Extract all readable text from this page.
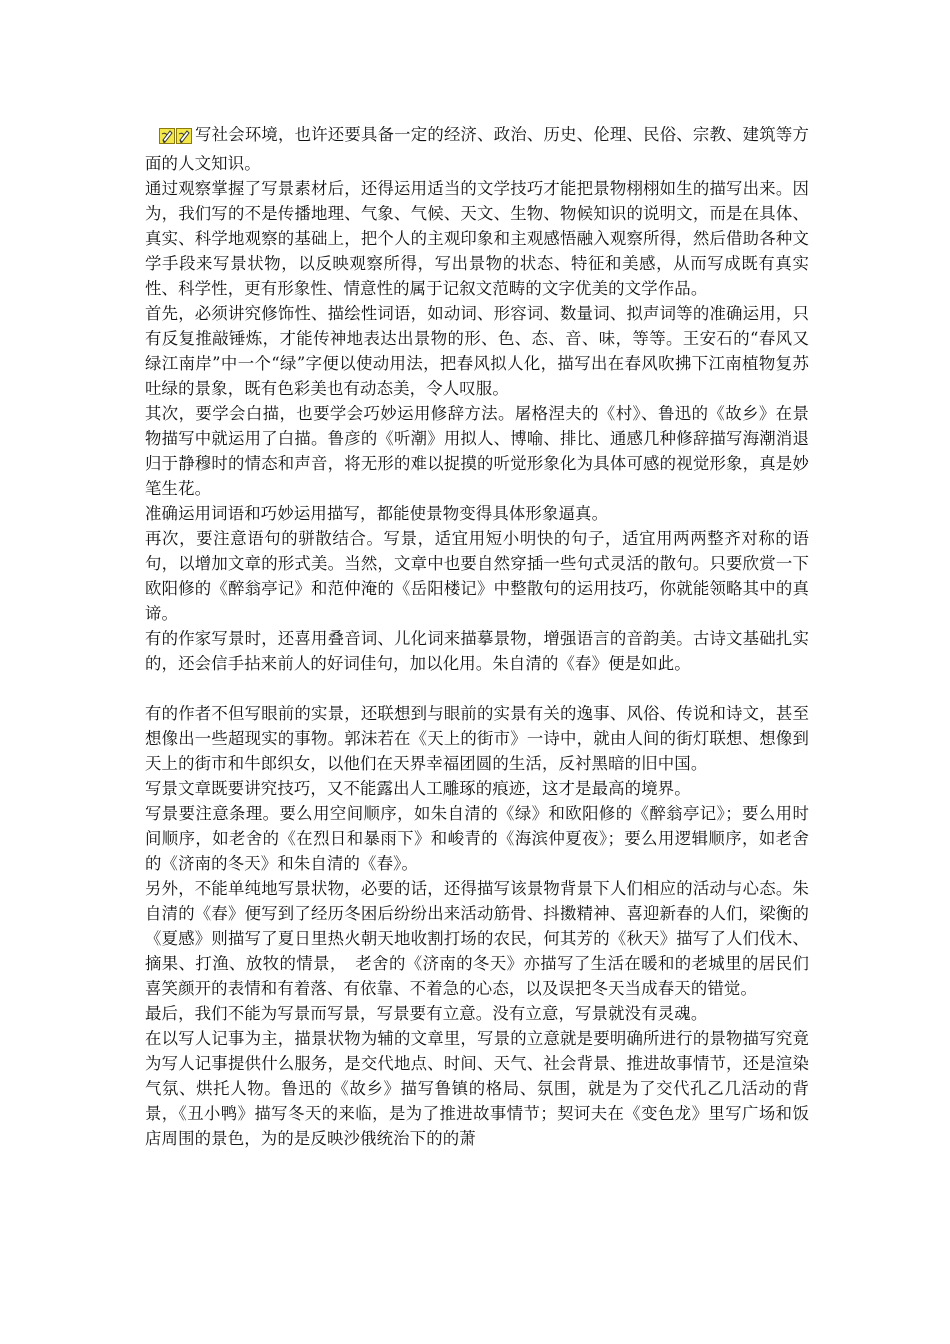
写社会环境，也许还要具备一定的经济、政治、历史、伦理、民俗、宗教、建筑等方面的人文知识。

通过观察掌握了写景素材后，还得运用适当的文学技巧才能把景物栩栩如生的描写出来。因为，我们写的不是传播地理、气象、气候、天文、生物、物候知识的说明文，而是在具体、真实、科学地观察的基础上，把个人的主观印象和主观感悟融入观察所得，然后借助各种文学手段来写景状物，以反映观察所得，写出景物的状态、特征和美感，从而写成既有真实性、科学性，更有形象性、情意性的属于记叙文范畴的文字优美的文学作品。

首先，必须讲究修饰性、描绘性词语，如动词、形容词、数量词、拟声词等的准确运用，只有反复推敲锤炼，才能传神地表达出景物的形、色、态、音、味，等等。王安石的“春风又绿江南岸”中一个“绿”字便以使动用法，把春风拟人化，描写出在春风吹拂下江南植物复苏吐绿的景象，既有色彩美也有动态美，令人叹服。

其次，要学会白描，也要学会巧妙运用修辞方法。屠格涅夫的《村》、鲁迅的《故乡》在景物描写中就运用了白描。鲁彦的《听潮》用拟人、博喻、排比、通感几种修辞描写海潮消退归于静穆时的情态和声音，将无形的难以捉摸的听觉形象化为具体可感的视觉形象，真是妙笔生花。

准确运用词语和巧妙运用描写，都能使景物变得具体形象逼真。

再次，要注意语句的骈散结合。写景，适宜用短小明快的句子，适宜用两两整齐对称的语句，以增加文章的形式美。当然，文章中也要自然穿插一些句式灵活的散句。只要欣赏一下欧阳修的《醉翁亭记》和范仲淹的《岳阳楼记》中整散句的运用技巧，你就能领略其中的真谛。

有的作家写景时，还喜用叠音词、儿化词来描摹景物，增强语言的音韵美。古诗文基础扎实的，还会信手拈来前人的好词佳句，加以化用。朱自清的《春》便是如此。

有的作者不但写眼前的实景，还联想到与眼前的实景有关的逸事、风俗、传说和诗文，甚至想像出一些超现实的事物。郭沫若在《天上的街市》一诗中，就由人间的街灯联想、想像到天上的街市和牛郎织女，以他们在天界幸福团圆的生活，反衬黑暗的旧中国。

写景文章既要讲究技巧，又不能露出人工雕琢的痕迹，这才是最高的境界。

写景要注意条理。要么用空间顺序，如朱自清的《绿》和欧阳修的《醉翁亭记》；要么用时间顺序，如老舍的《在烈日和暴雨下》和峻青的《海滨仲夏夜》；要么用逻辑顺序，如老舍的《济南的冬天》和朱自清的《春》。

另外，不能单纯地写景状物，必要的话，还得描写该景物背景下人们相应的活动与心态。朱自清的《春》便写到了经历冬困后纷纷出来活动筋骨、抖擞精神、喜迎新春的人们，梁衡的　《夏感》则描写了夏日里热火朝天地收割打场的农民，何其芳的《秋天》描写了人们伐木、摘果、打渔、放牧的情景，　老舍的《济南的冬天》亦描写了生活在暖和的老城里的居民们喜笑颜开的表情和有着落、有依靠、不着急的心态，以及误把冬天当成春天的错觉。

最后，我们不能为写景而写景，写景要有立意。没有立意，写景就没有灵魂。

在以写人记事为主，描景状物为辅的文章里，写景的立意就是要明确所进行的景物描写究竟为写人记事提供什么服务，是交代地点、时间、天气、社会背景、推进故事情节，还是渲染气氛、烘托人物。鲁迅的《故乡》描写鲁镇的格局、氛围，就是为了交代孔乙几活动的背景，《丑小鸭》描写冬天的来临，是为了推进故事情节；契诃夫在《变色龙》里写广场和饭店周围的景色，为的是反映沙俄统治下的的萧
